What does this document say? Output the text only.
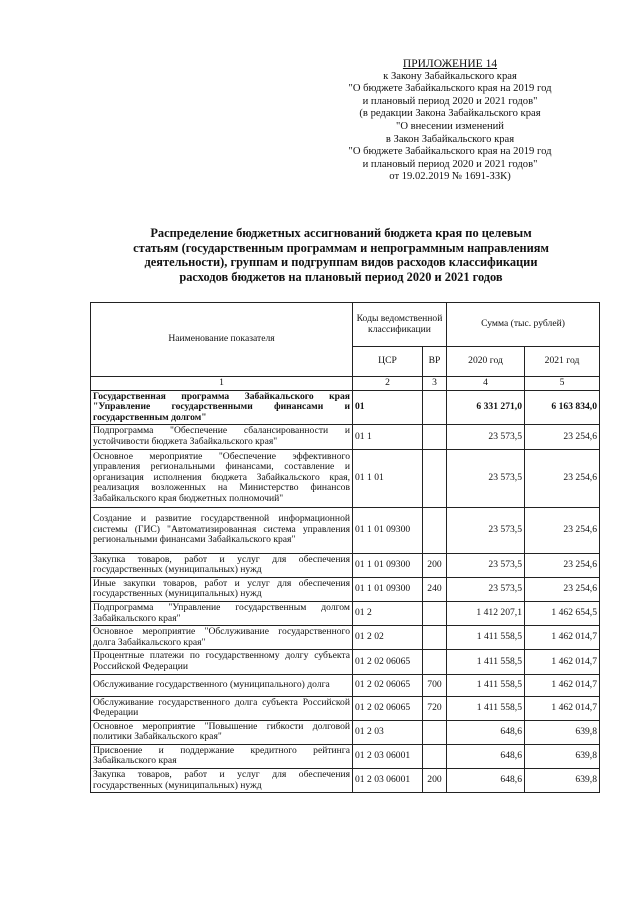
ПРИЛОЖЕНИЕ 14
к Закону Забайкальского края
"О бюджете Забайкальского края на 2019 год
и плановый период 2020 и 2021 годов"
(в редакции Закона Забайкальского края
"О внесении изменений
в Закон Забайкальского края
"О бюджете Забайкальского края на 2019 год
и плановый период 2020 и 2021 годов"
от 19.02.2019 № 1691-ЗЗК)
Распределение бюджетных ассигнований бюджета края по целевым
статьям (государственным программам и непрограммным направлениям
деятельности), группам и подгруппам видов расходов классификации
расходов бюджетов на плановый период 2020 и 2021 годов
Наименование показателя	Коды ведомственной классификации		Сумма (тыс. рублей)	
	ЦСР	ВР	2020 год	2021 год
1	2	3	4	5
Государственная программа Забайкальского края "Управление государственными финансами и государственным долгом"	01		6 331 271,0	6 163 834,0
Подпрограмма "Обеспечение сбалансированности и устойчивости бюджета Забайкальского края"	01 1		23 573,5	23 254,6
Основное мероприятие "Обеспечение эффективного управления региональными финансами, составление и организация исполнения бюджета Забайкальского края, реализация возложенных на Министерство финансов Забайкальского края бюджетных полномочий"	01 1 01		23 573,5	23 254,6
Создание и развитие государственной информационной системы (ГИС) "Автоматизированная система управления региональными финансами Забайкальского края"	01 1 01 09300		23 573,5	23 254,6
Закупка товаров, работ и услуг для обеспечения государственных (муниципальных) нужд	01 1 01 09300	200	23 573,5	23 254,6
Иные закупки товаров, работ и услуг для обеспечения государственных (муниципальных) нужд	01 1 01 09300	240	23 573,5	23 254,6
Подпрограмма "Управление государственным долгом Забайкальского края"	01 2		1 412 207,1	1 462 654,5
Основное мероприятие "Обслуживание государственного долга Забайкальского края"	01 2 02		1 411 558,5	1 462 014,7
Процентные платежи по государственному долгу субъекта Российской Федерации	01 2 02 06065		1 411 558,5	1 462 014,7
Обслуживание государственного (муниципального) долга	01 2 02 06065	700	1 411 558,5	1 462 014,7
Обслуживание государственного долга субъекта Российской Федерации	01 2 02 06065	720	1 411 558,5	1 462 014,7
Основное мероприятие "Повышение гибкости долговой политики Забайкальского края"	01 2 03		648,6	639,8
Присвоение и поддержание кредитного рейтинга Забайкальского края	01 2 03 06001		648,6	639,8
Закупка товаров, работ и услуг для обеспечения государственных (муниципальных) нужд	01 2 03 06001	200	648,6	639,8
